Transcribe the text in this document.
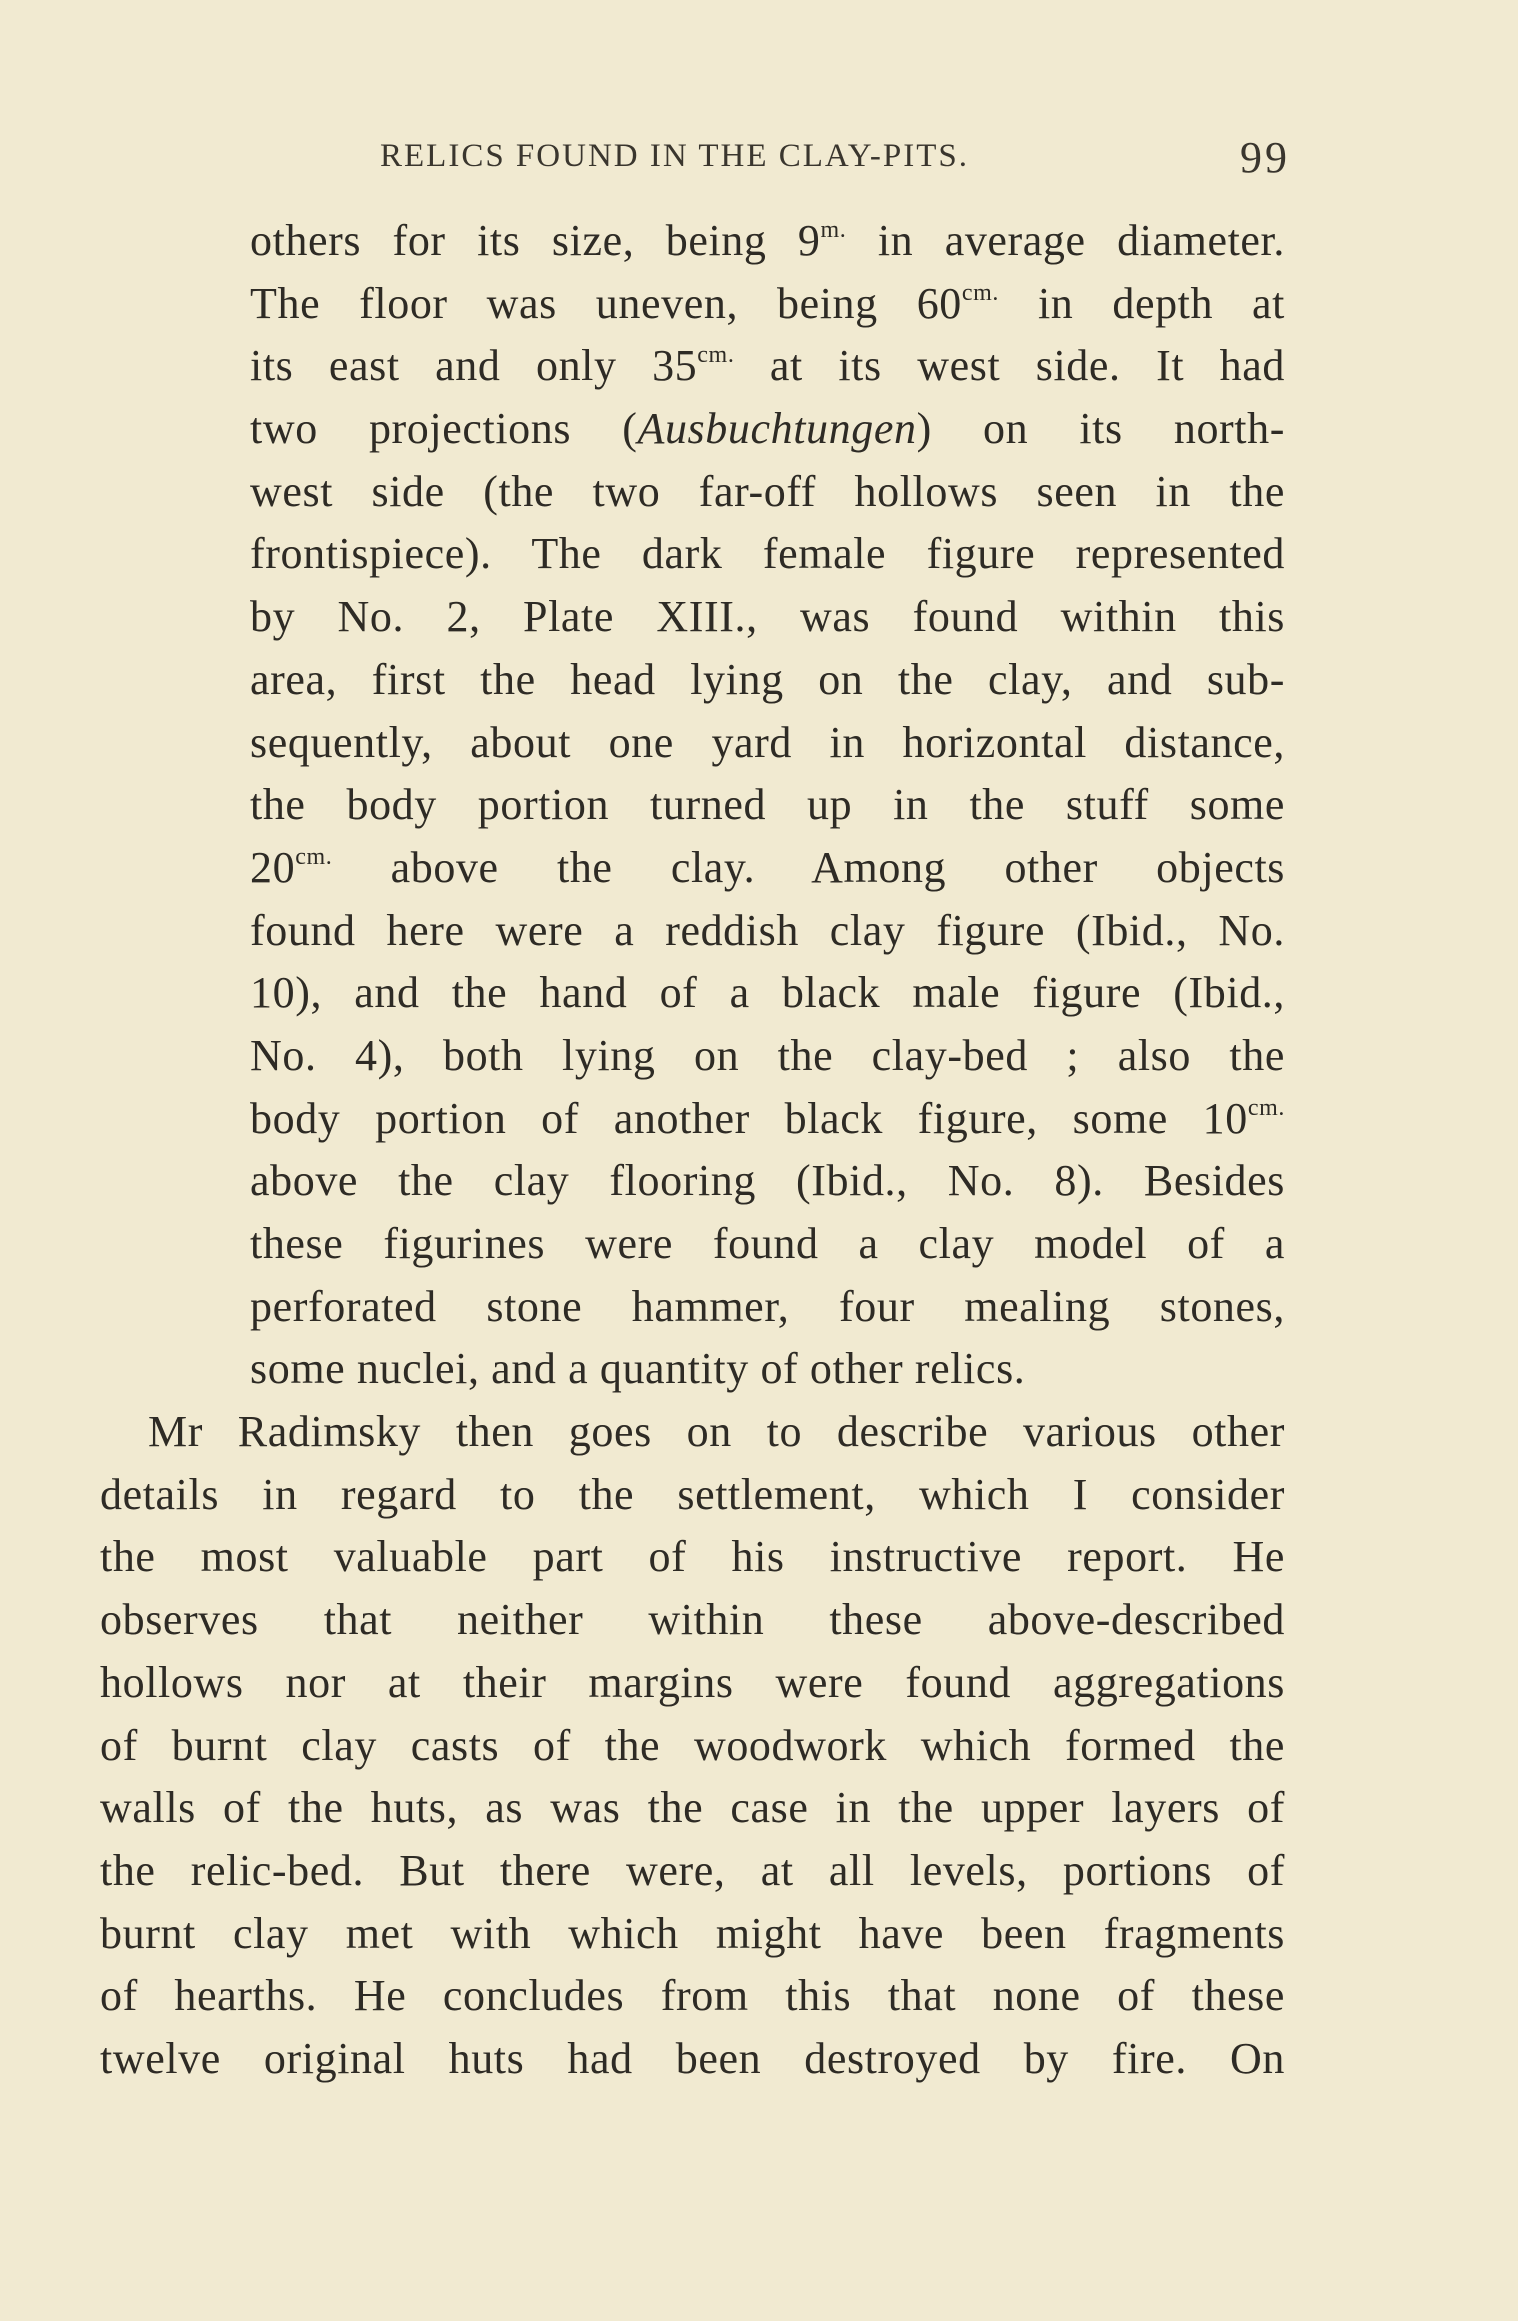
RELICS FOUND IN THE CLAY-PITS.	99
others for its size, being $9^{m.}$ in average diameter.
The floor was uneven, being $60^{cm.}$ in depth at
its east and only $35^{cm.}$ at its west side. It had
two projections (Ausbuchtungen) on its north-
west side (the two far-off hollows seen in the
frontispiece). The dark female figure represented
by No. 2, Plate XIII., was found within this
area, first the head lying on the clay, and sub-
sequently, about one yard in horizontal distance,
the body portion turned up in the stuff some
$20^{cm.}$ above the clay. Among other objects
found here were a reddish clay figure (Ibid., No.
10), and the hand of a black male figure (Ibid.,
No. 4), both lying on the clay-bed ; also the
body portion of another black figure, some $10^{cm.}$
above the clay flooring (Ibid., No. 8). Besides
these figurines were found a clay model of a
perforated stone hammer, four mealing stones,
some nuclei, and a quantity of other relics.
Mr Radimsky then goes on to describe various other
details in regard to the settlement, which I consider
the most valuable part of his instructive report. He
observes that neither within these above-described
hollows nor at their margins were found aggregations
of burnt clay casts of the woodwork which formed the
walls of the huts, as was the case in the upper layers of
the relic-bed. But there were, at all levels, portions of
burnt clay met with which might have been fragments
of hearths. He concludes from this that none of these
twelve original huts had been destroyed by fire. On
